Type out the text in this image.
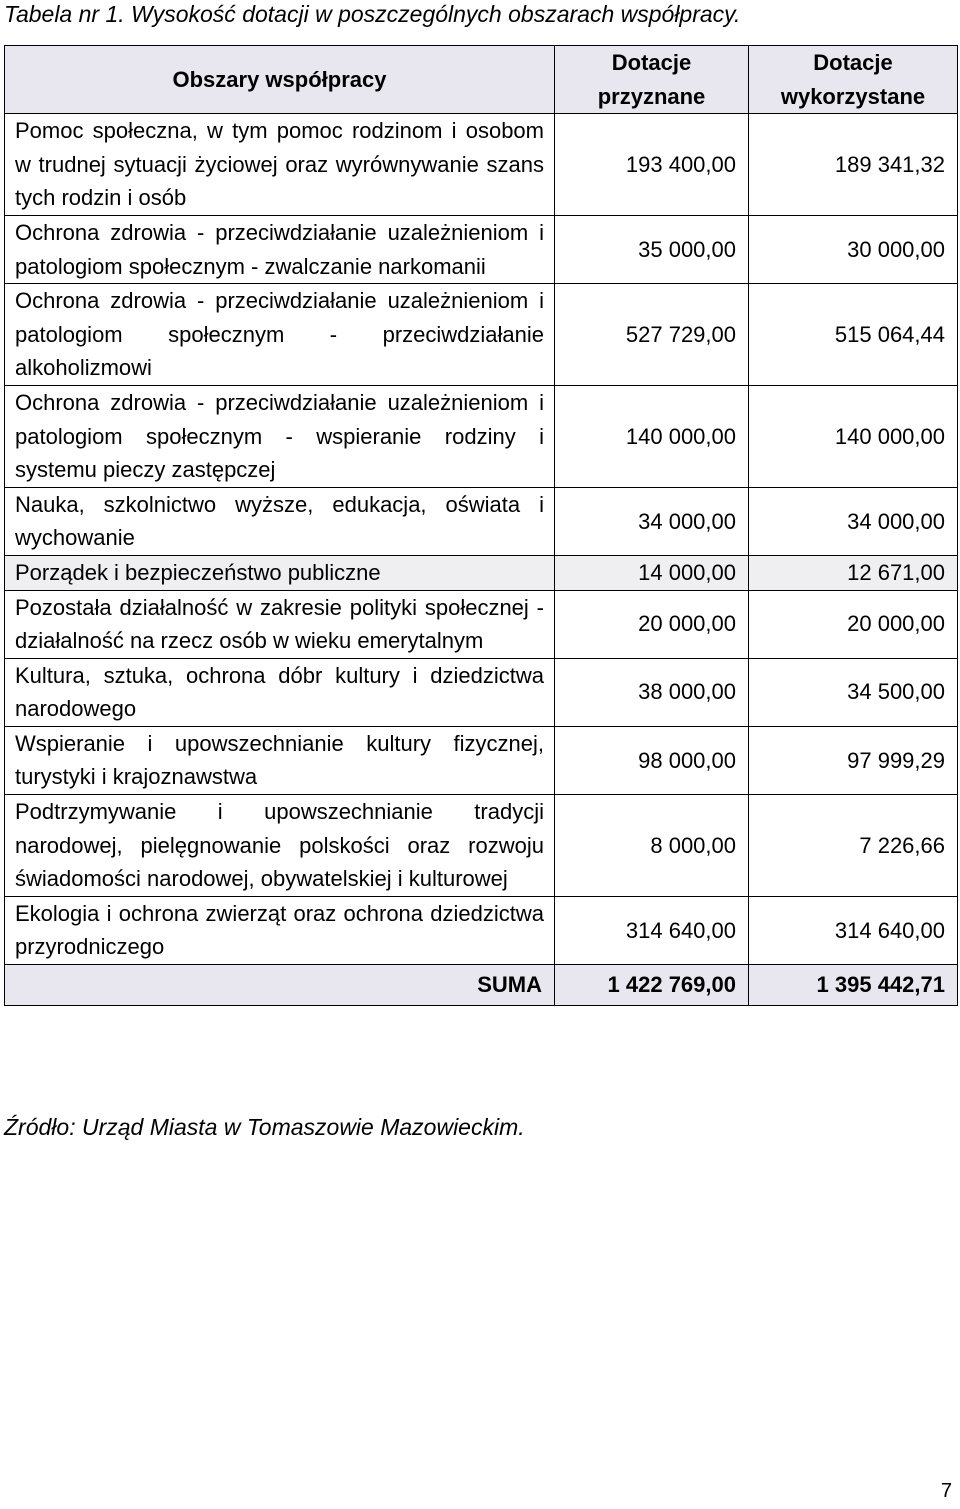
Tabela nr 1. Wysokość dotacji w poszczególnych obszarach współpracy.
Obszary współpracy	Dotacje przyznane	Dotacje wykorzystane
Pomoc społeczna, w tym pomoc rodzinom i osobom w trudnej sytuacji życiowej oraz wyrównywanie szans tych rodzin i osób	193 400,00	189 341,32
Ochrona zdrowia - przeciwdziałanie uzależnieniom i patologiom społecznym - zwalczanie narkomanii	35 000,00	30 000,00
Ochrona zdrowia - przeciwdziałanie uzależnieniom i patologiom społecznym - przeciwdziałanie alkoholizmowi	527 729,00	515 064,44
Ochrona zdrowia - przeciwdziałanie uzależnieniom i patologiom społecznym - wspieranie rodziny i systemu pieczy zastępczej	140 000,00	140 000,00
Nauka, szkolnictwo wyższe, edukacja, oświata i wychowanie	34 000,00	34 000,00
Porządek i bezpieczeństwo publiczne	14 000,00	12 671,00
Pozostała działalność w zakresie polityki społecznej - działalność na rzecz osób w wieku emerytalnym	20 000,00	20 000,00
Kultura, sztuka, ochrona dóbr kultury i dziedzictwa narodowego	38 000,00	34 500,00
Wspieranie i upowszechnianie kultury fizycznej, turystyki i krajoznawstwa	98 000,00	97 999,29
Podtrzymywanie i upowszechnianie tradycji narodowej, pielęgnowanie polskości oraz rozwoju świadomości narodowej, obywatelskiej i kulturowej	8 000,00	7 226,66
Ekologia i ochrona zwierząt oraz ochrona dziedzictwa przyrodniczego	314 640,00	314 640,00
SUMA	1 422 769,00	1 395 442,71
Źródło: Urząd Miasta w Tomaszowie Mazowieckim.
7
